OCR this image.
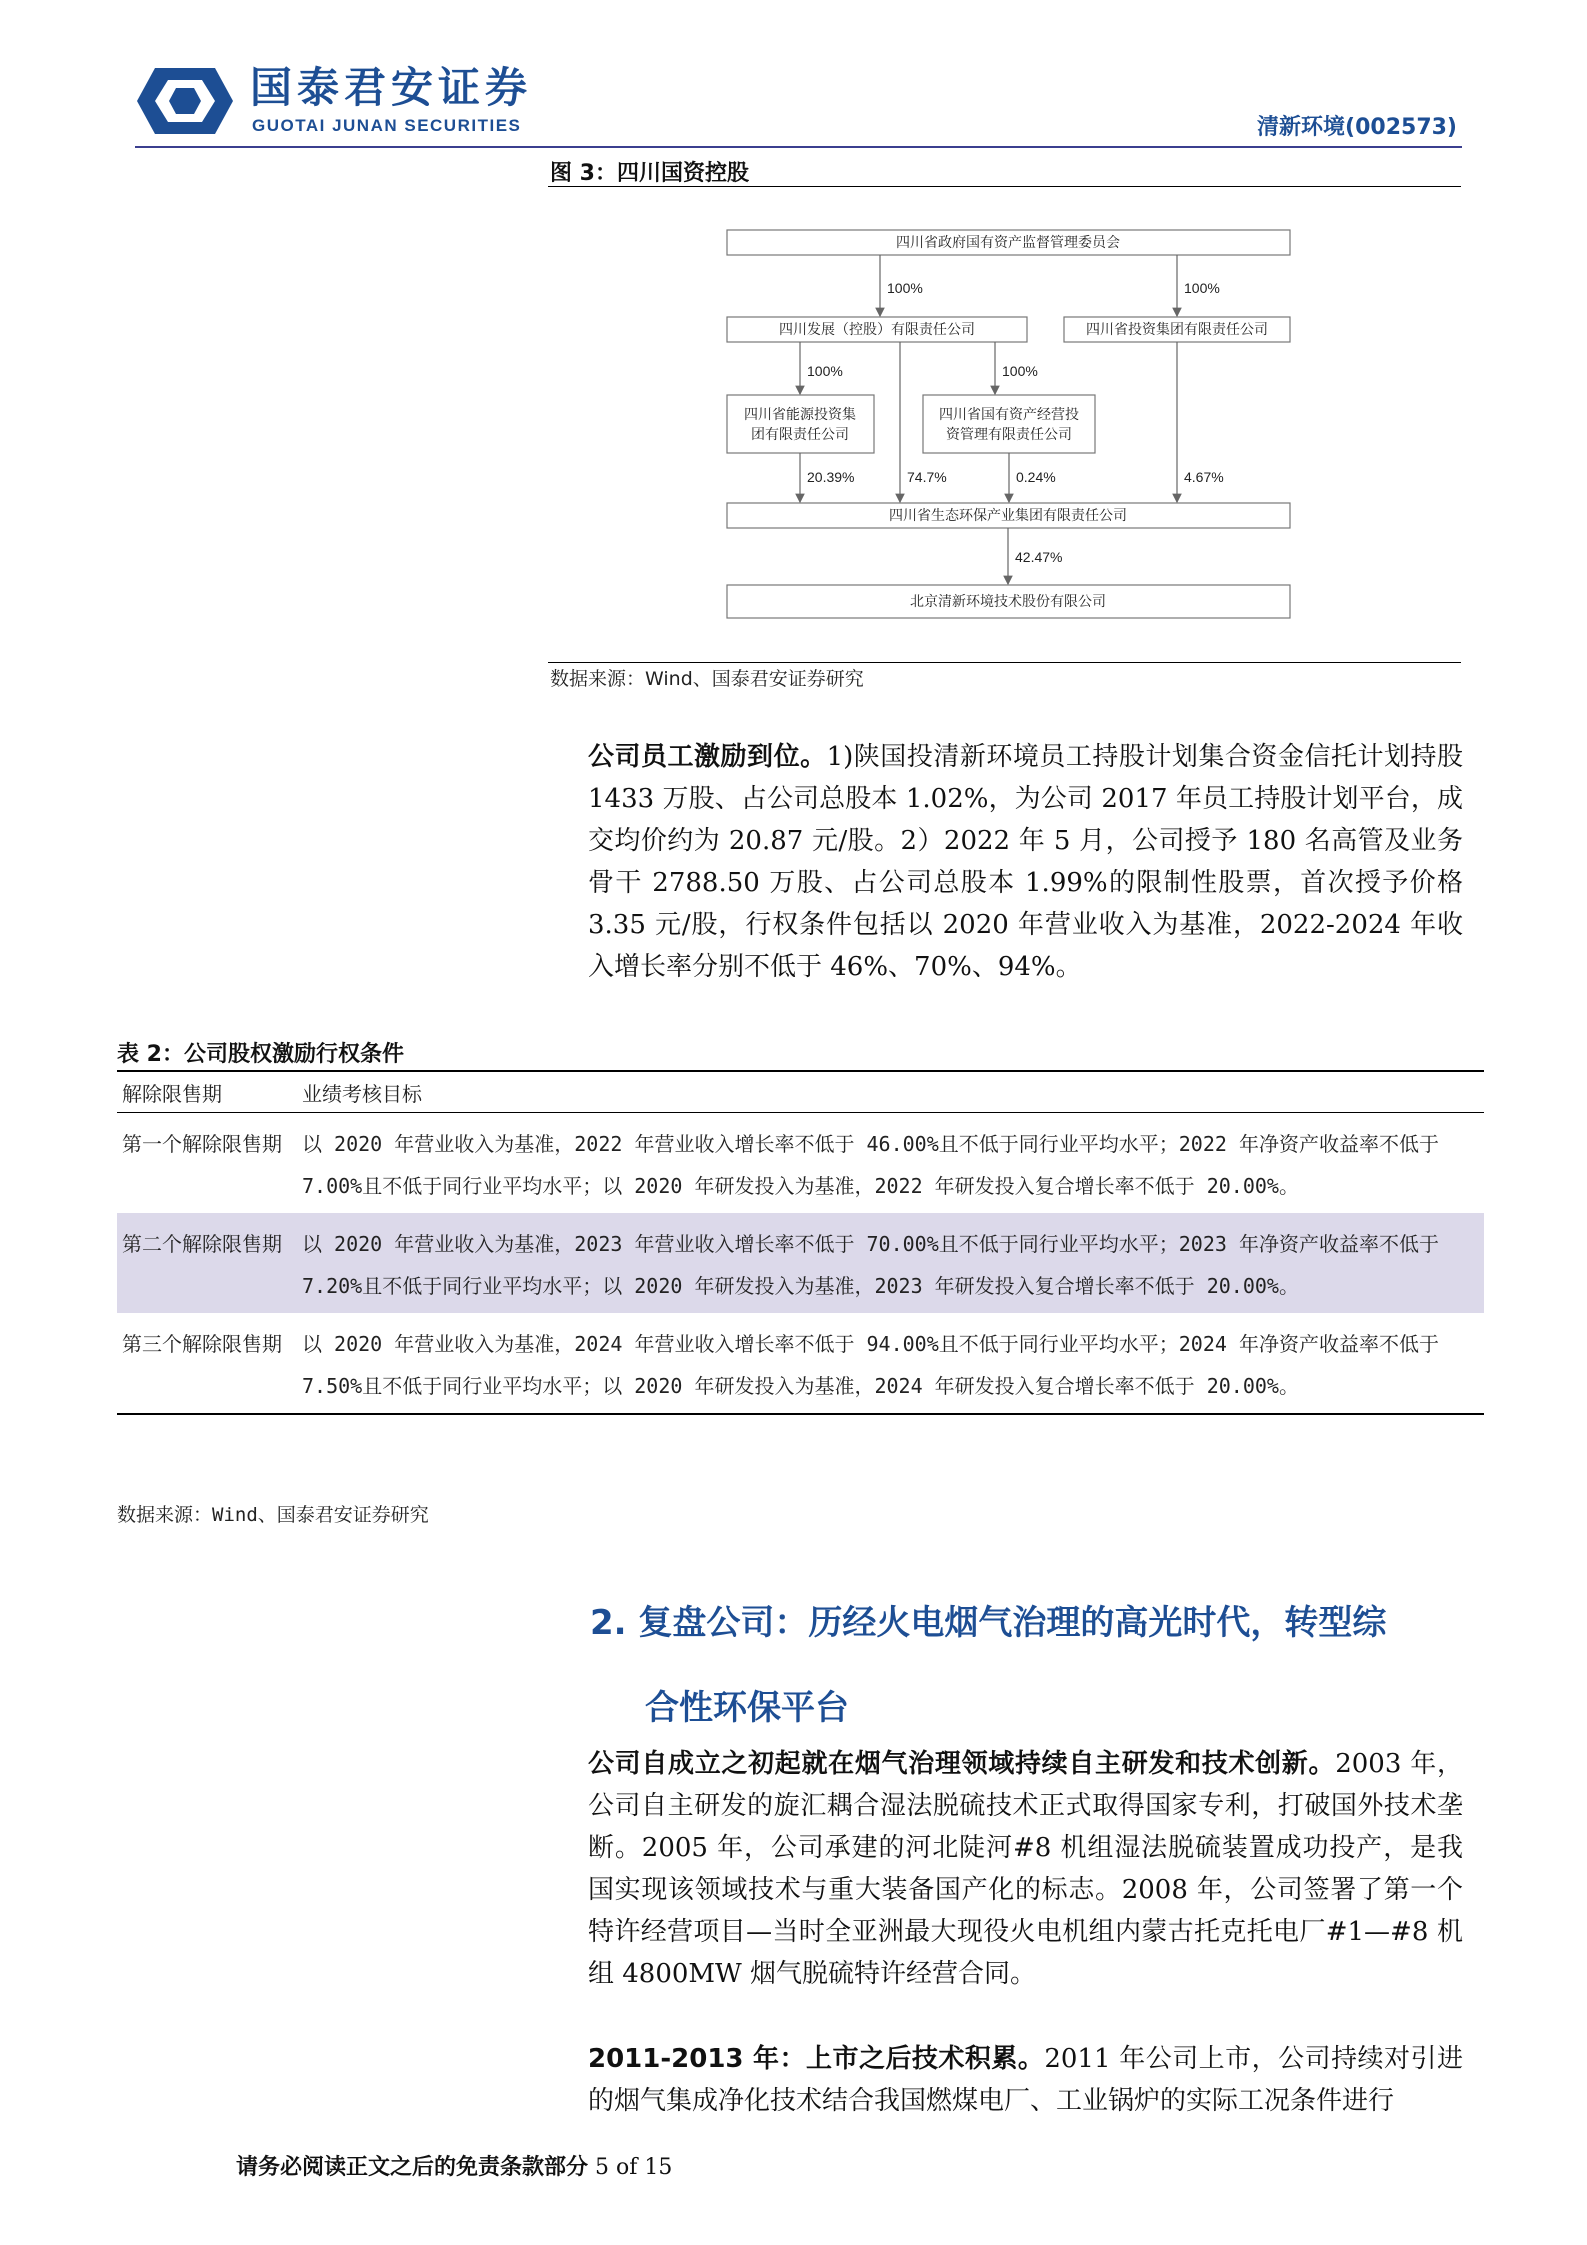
国泰君安证券
GUOTAI JUNAN SECURITIES	清新环境(002573)
图 3：四川国资控股
四川省政府国有资产监督管理委员会
四川发展（控股）有限责任公司	四川省投资集团有限责任公司
四川省能源投资集
团有限责任公司
四川省国有资产经营投
资管理有限责任公司
四川省生态环保产业集团有限责任公司
北京清新环境技术股份有限公司
100%	100%
100%	100%
20.39%	74.7%	0.24%	4.67%
42.47%
数据来源：Wind、国泰君安证券研究
公司员工激励到位。1)陕国投清新环境员工持股计划集合资金信托计划持股 1433 万股、占公司总股本 1.02%，为公司 2017 年员工持股计划平台，成交均价约为 20.87 元/股。2）2022 年 5 月，公司授予 180 名高管及业务骨干 2788.50 万股、占公司总股本 1.99%的限制性股票，首次授予价格 3.35 元/股，行权条件包括以 2020 年营业收入为基准，2022-2024 年收入增长率分别不低于 46%、70%、94%。
表 2：公司股权激励行权条件
解除限售期	业绩考核目标
第一个解除限售期	以 2020 年营业收入为基准，2022 年营业收入增长率不低于 46.00%且不低于同行业平均水平；2022 年净资产收益率不低于 7.00%且不低于同行业平均水平；以 2020 年研发投入为基准，2022 年研发投入复合增长率不低于 20.00%。
第二个解除限售期	以 2020 年营业收入为基准，2023 年营业收入增长率不低于 70.00%且不低于同行业平均水平；2023 年净资产收益率不低于 7.20%且不低于同行业平均水平；以 2020 年研发投入为基准，2023 年研发投入复合增长率不低于 20.00%。
第三个解除限售期	以 2020 年营业收入为基准，2024 年营业收入增长率不低于 94.00%且不低于同行业平均水平；2024 年净资产收益率不低于 7.50%且不低于同行业平均水平；以 2020 年研发投入为基准，2024 年研发投入复合增长率不低于 20.00%。
数据来源：Wind、国泰君安证券研究
2. 复盘公司：历经火电烟气治理的高光时代，转型综
合性环保平台
公司自成立之初起就在烟气治理领域持续自主研发和技术创新。2003 年，公司自主研发的旋汇耦合湿法脱硫技术正式取得国家专利，打破国外技术垄断。2005 年，公司承建的河北陡河#8 机组湿法脱硫装置成功投产，是我国实现该领域技术与重大装备国产化的标志。2008 年，公司签署了第一个特许经营项目—当时全亚洲最大现役火电机组内蒙古托克托电厂#1—#8 机组 4800MW 烟气脱硫特许经营合同。
2011-2013 年：上市之后技术积累。2011 年公司上市，公司持续对引进的烟气集成净化技术结合我国燃煤电厂、工业锅炉的实际工况条件进行
请务必阅读正文之后的免责条款部分 5 of 15
